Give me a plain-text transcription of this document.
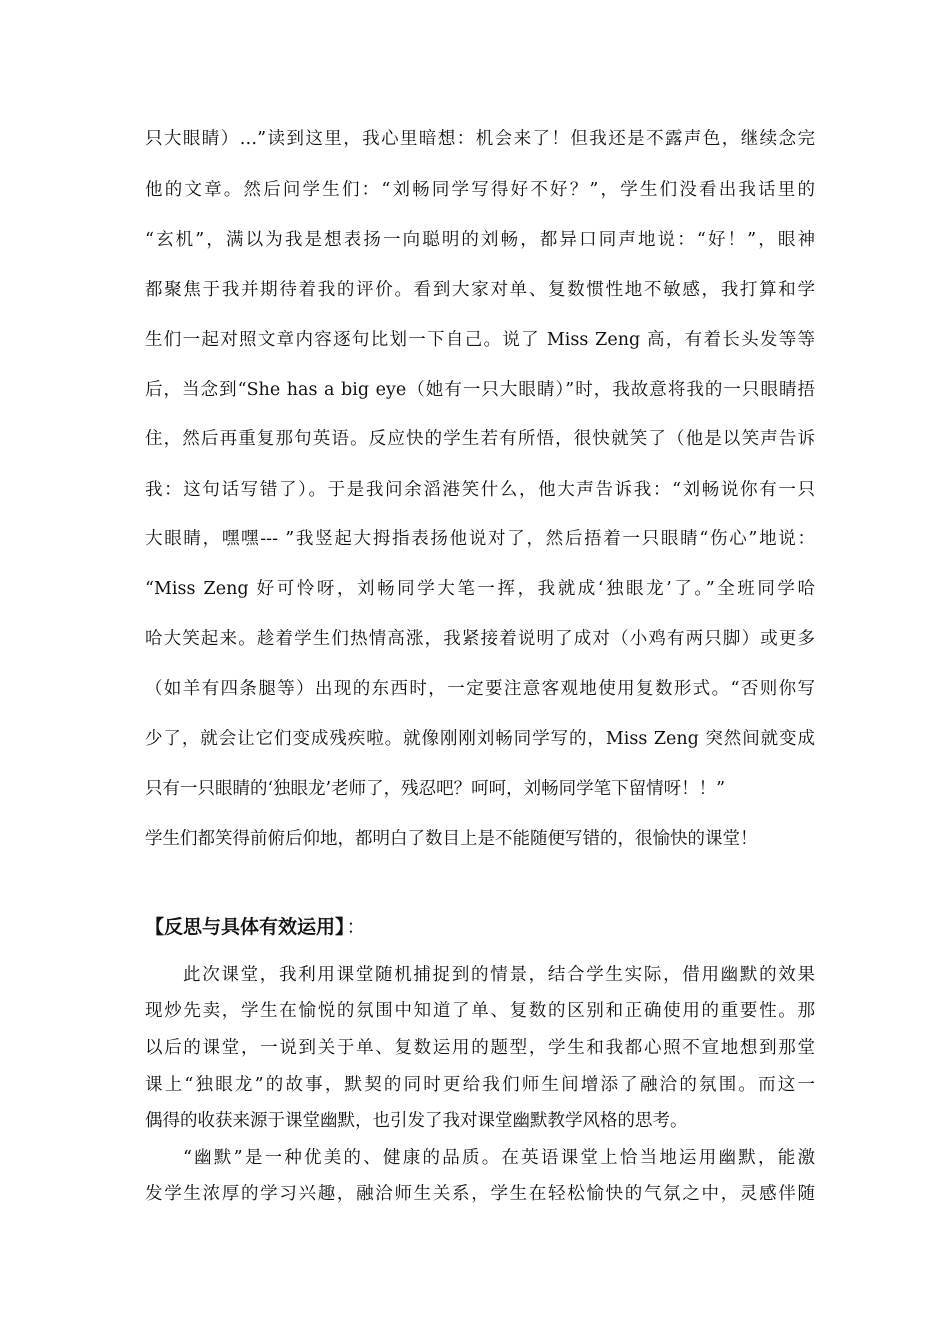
只大眼睛）…”读到这里，我心里暗想：机会来了！但我还是不露声色，继续念完
他的文章。然后问学生们：“刘畅同学写得好不好？”，学生们没看出我话里的
“玄机”，满以为我是想表扬一向聪明的刘畅，都异口同声地说：“好！”，眼神
都聚焦于我并期待着我的评价。看到大家对单、复数惯性地不敏感，我打算和学
生们一起对照文章内容逐句比划一下自己。说了 Miss Zeng 高，有着长头发等等
后，当念到“She has a big eye（她有一只大眼睛）”时，我故意将我的一只眼睛捂
住，然后再重复那句英语。反应快的学生若有所悟，很快就笑了（他是以笑声告诉
我：这句话写错了）。于是我问余滔港笑什么，他大声告诉我：“刘畅说你有一只
大眼睛，嘿嘿--- ”我竖起大拇指表扬他说对了，然后捂着一只眼睛“伤心”地说：
“Miss Zeng 好可怜呀，刘畅同学大笔一挥，我就成‘独眼龙’了。”全班同学哈
哈大笑起来。趁着学生们热情高涨，我紧接着说明了成对（小鸡有两只脚）或更多
（如羊有四条腿等）出现的东西时，一定要注意客观地使用复数形式。“否则你写
少了，就会让它们变成残疾啦。就像刚刚刘畅同学写的，Miss Zeng 突然间就变成
只有一只眼睛的‘独眼龙’老师了，残忍吧？呵呵，刘畅同学笔下留情呀！！”
学生们都笑得前俯后仰地，都明白了数目上是不能随便写错的，很愉快的课堂！
【反思与具体有效运用】 ：
此次课堂，我利用课堂随机捕捉到的情景，结合学生实际，借用幽默的效果
现炒先卖，学生在愉悦的氛围中知道了单、复数的区别和正确使用的重要性。那
以后的课堂，一说到关于单、复数运用的题型，学生和我都心照不宣地想到那堂
课上“独眼龙”的故事，默契的同时更给我们师生间增添了融洽的氛围。而这一
偶得的收获来源于课堂幽默，也引发了我对课堂幽默教学风格的思考。
“幽默”是一种优美的、健康的品质。在英语课堂上恰当地运用幽默，能激
发学生浓厚的学习兴趣，融洽师生关系，学生在轻松愉快的气氛之中，灵感伴随
